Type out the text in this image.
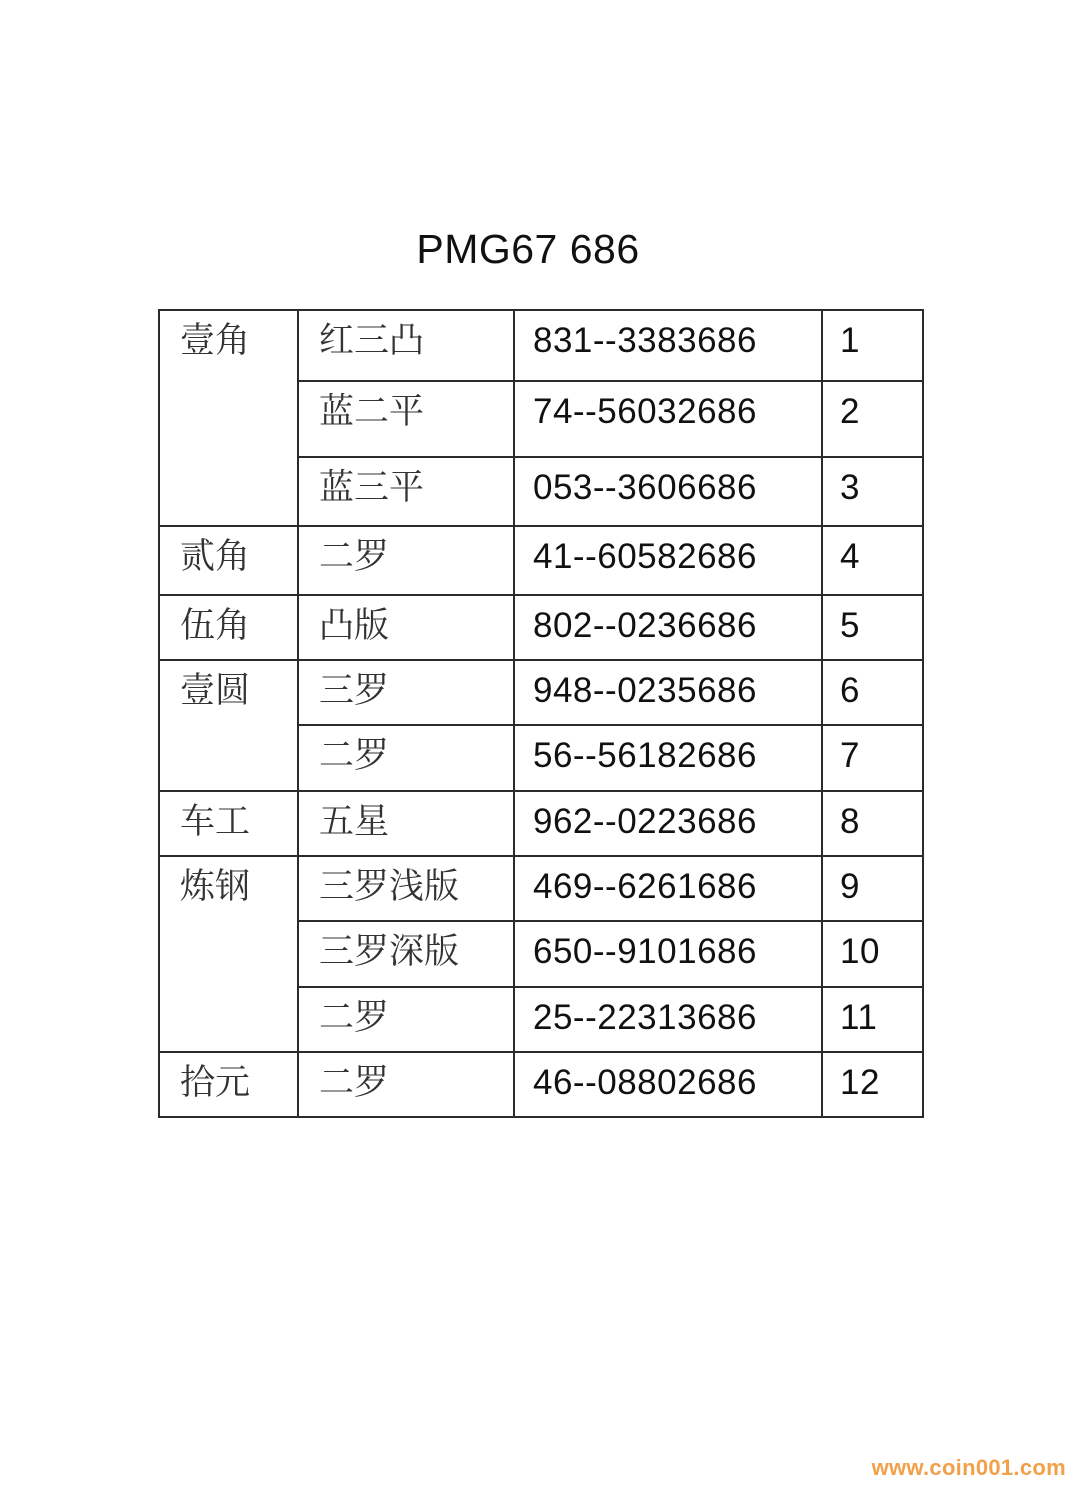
PMG67 686
壹角	红三凸	831--3383686	1
	蓝二平	74--56032686	2
	蓝三平	053--3606686	3
贰角	二罗	41--60582686	4
伍角	凸版	802--0236686	5
壹圆	三罗	948--0235686	6
	二罗	56--56182686	7
车工	五星	962--0223686	8
炼钢	三罗浅版	469--6261686	9
	三罗深版	650--9101686	10
	二罗	25--22313686	11
拾元	二罗	46--08802686	12
www.coin001.com
